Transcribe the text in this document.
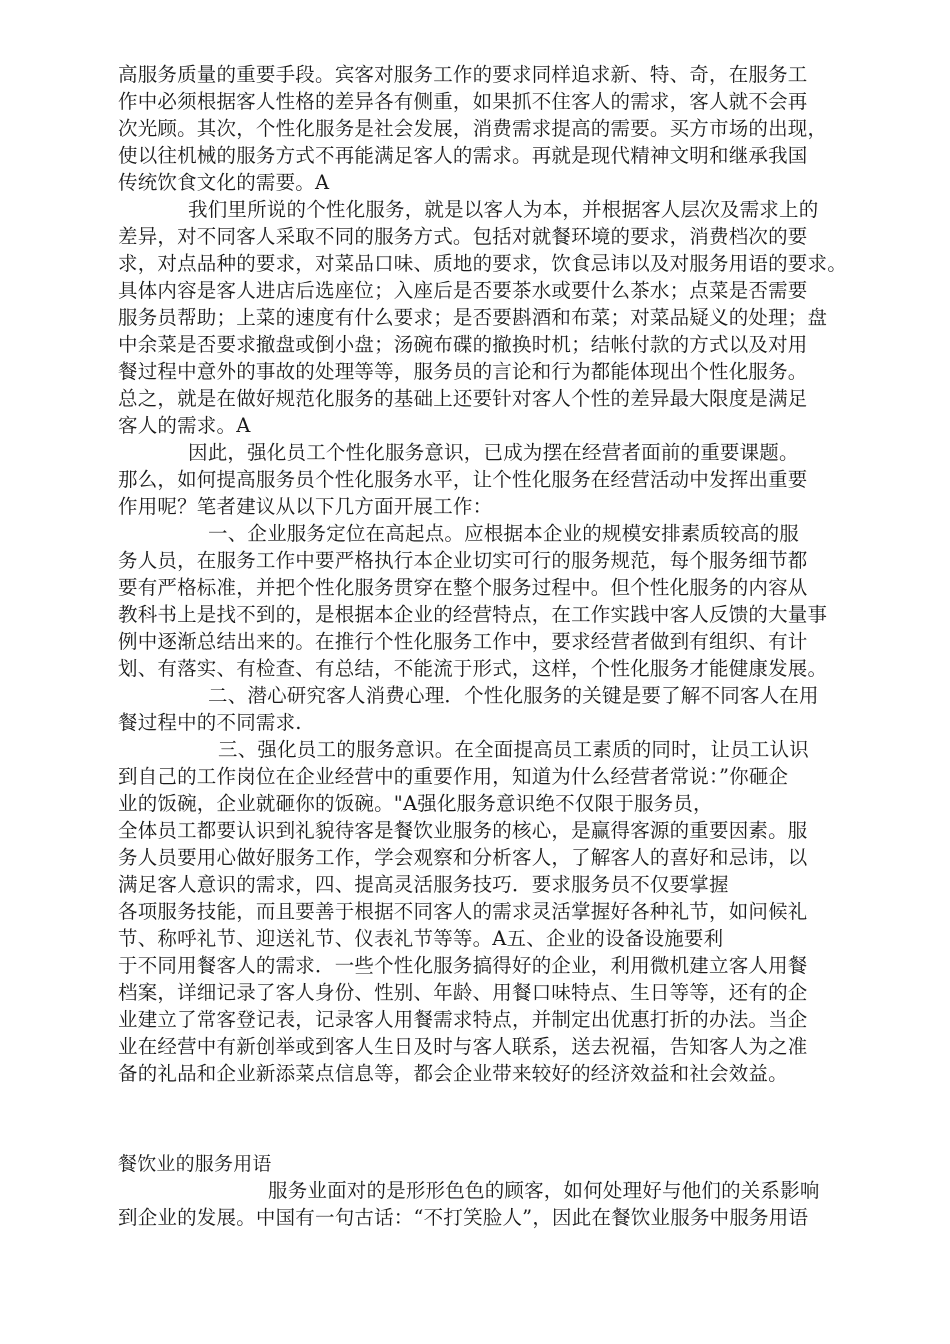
高服务质量的重要手段。宾客对服务工作的要求同样追求新、特、奇，在服务工
作中必须根据客人性格的差异各有侧重，如果抓不住客人的需求，客人就不会再
次光顾。其次，个性化服务是社会发展，消费需求提高的需要。买方市场的出现，
使以往机械的服务方式不再能满足客人的需求。再就是现代精神文明和继承我国
传统饮食文化的需要。A
我们里所说的个性化服务，就是以客人为本，并根据客人层次及需求上的
差异，对不同客人采取不同的服务方式。包括对就餐环境的要求，消费档次的要
求，对点品种的要求，对菜品口味、质地的要求，饮食忌讳以及对服务用语的要求。
具体内容是客人进店后选座位；入座后是否要茶水或要什么茶水；点菜是否需要
服务员帮助；上菜的速度有什么要求；是否要斟酒和布菜；对菜品疑义的处理；盘
中余菜是否要求撤盘或倒小盘；汤碗布碟的撤换时机；结帐付款的方式以及对用
餐过程中意外的事故的处理等等，服务员的言论和行为都能体现出个性化服务。
总之，就是在做好规范化服务的基础上还要针对客人个性的差异最大限度是满足
客人的需求。A
因此，强化员工个性化服务意识，已成为摆在经营者面前的重要课题。
那么，如何提高服务员个性化服务水平，让个性化服务在经营活动中发挥出重要
作用呢？笔者建议从以下几方面开展工作：
一、企业服务定位在高起点。应根据本企业的规模安排素质较高的服
务人员，在服务工作中要严格执行本企业切实可行的服务规范，每个服务细节都
要有严格标准，并把个性化服务贯穿在整个服务过程中。但个性化服务的内容从
教科书上是找不到的，是根据本企业的经营特点，在工作实践中客人反馈的大量事
例中逐渐总结出来的。在推行个性化服务工作中，要求经营者做到有组织、有计
划、有落实、有检查、有总结，不能流于形式，这样，个性化服务才能健康发展。
二、潜心研究客人消费心理．个性化服务的关键是要了解不同客人在用
餐过程中的不同需求.
三、强化员工的服务意识。在全面提高员工素质的同时，让员工认识
到自己的工作岗位在企业经营中的重要作用，知道为什么经营者常说：”你砸企
业的饭碗，企业就砸你的饭碗。"A强化服务意识绝不仅限于服务员，
全体员工都要认识到礼貌待客是餐饮业服务的核心，是赢得客源的重要因素。服
务人员要用心做好服务工作，学会观察和分析客人，了解客人的喜好和忌讳，以
满足客人意识的需求，四、提高灵活服务技巧．要求服务员不仅要掌握
各项服务技能，而且要善于根据不同客人的需求灵活掌握好各种礼节，如问候礼
节、称呼礼节、迎送礼节、仪表礼节等等。A五、企业的设备设施要利
于不同用餐客人的需求．一些个性化服务搞得好的企业，利用微机建立客人用餐
档案，详细记录了客人身份、性别、年龄、用餐口味特点、生日等等，还有的企
业建立了常客登记表，记录客人用餐需求特点，并制定出优惠打折的办法。当企
业在经营中有新创举或到客人生日及时与客人联系，送去祝福，告知客人为之准
备的礼品和企业新添菜点信息等，都会企业带来较好的经济效益和社会效益。
餐饮业的服务用语
服务业面对的是形形色色的顾客，如何处理好与他们的关系影响
到企业的发展。中国有一句古话：“不打笑脸人”，因此在餐饮业服务中服务用语
